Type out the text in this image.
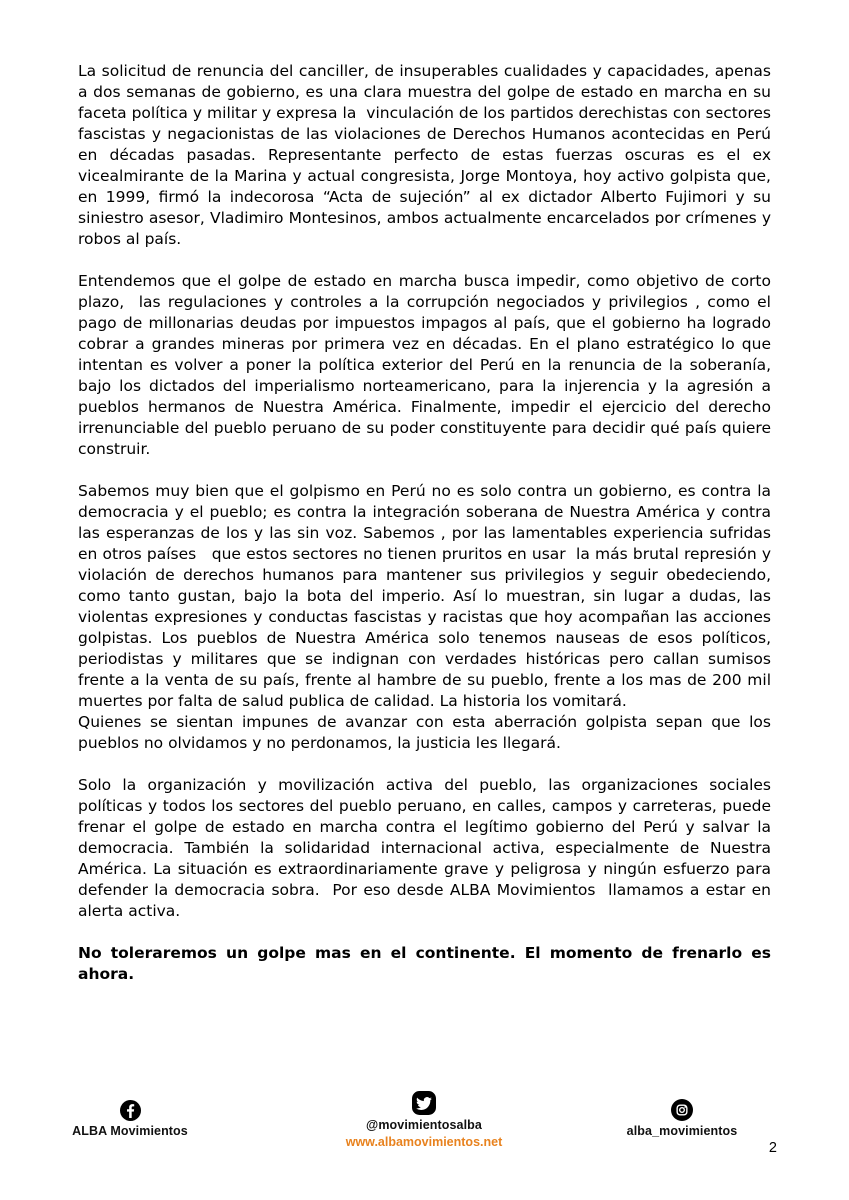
La solicitud de renuncia del canciller, de insuperables cualidades y capacidades, apenas a dos semanas de gobierno, es una clara muestra del golpe de estado en marcha en su faceta política y militar y expresa la  vinculación de los partidos derechistas con sectores fascistas y negacionistas de las violaciones de Derechos Humanos acontecidas en Perú en décadas pasadas. Representante perfecto de estas fuerzas oscuras es el ex vicealmirante de la Marina y actual congresista, Jorge Montoya, hoy activo golpista que, en 1999, firmó la indecorosa “Acta de sujeción” al ex dictador Alberto Fujimori y su siniestro asesor, Vladimiro Montesinos, ambos actualmente encarcelados por crímenes y robos al país.

Entendemos que el golpe de estado en marcha busca impedir, como objetivo de corto plazo,  las regulaciones y controles a la corrupción negociados y privilegios , como el pago de millonarias deudas por impuestos impagos al país, que el gobierno ha logrado cobrar a grandes mineras por primera vez en décadas. En el plano estratégico lo que intentan es volver a poner la política exterior del Perú en la renuncia de la soberanía, bajo los dictados del imperialismo norteamericano, para la injerencia y la agresión a pueblos hermanos de Nuestra América. Finalmente, impedir el ejercicio del derecho irrenunciable del pueblo peruano de su poder constituyente para decidir qué país quiere construir.

Sabemos muy bien que el golpismo en Perú no es solo contra un gobierno, es contra la democracia y el pueblo; es contra la integración soberana de Nuestra América y contra las esperanzas de los y las sin voz. Sabemos , por las lamentables experiencia sufridas en otros países   que estos sectores no tienen pruritos en usar  la más brutal represión y violación de derechos humanos para mantener sus privilegios y seguir obedeciendo, como tanto gustan, bajo la bota del imperio. Así lo muestran, sin lugar a dudas, las violentas expresiones y conductas fascistas y racistas que hoy acompañan las acciones golpistas. Los pueblos de Nuestra América solo tenemos nauseas de esos políticos, periodistas y militares que se indignan con verdades históricas pero callan sumisos frente a la venta de su país, frente al hambre de su pueblo, frente a los mas de 200 mil muertes por falta de salud publica de calidad. La historia los vomitará.

Quienes se sientan impunes de avanzar con esta aberración golpista sepan que los pueblos no olvidamos y no perdonamos, la justicia les llegará.

Solo la organización y movilización activa del pueblo, las organizaciones sociales políticas y todos los sectores del pueblo peruano, en calles, campos y carreteras, puede frenar el golpe de estado en marcha contra el legítimo gobierno del Perú y salvar la democracia. También la solidaridad internacional activa, especialmente de Nuestra América. La situación es extraordinariamente grave y peligrosa y ningún esfuerzo para defender la democracia sobra.  Por eso desde ALBA Movimientos  llamamos a estar en alerta activa.

No toleraremos un golpe mas en el continente. El momento de frenarlo es ahora.

ALBA Movimientos	@movimientosalba
www.albamovimientos.net
alba_movimientos
2
